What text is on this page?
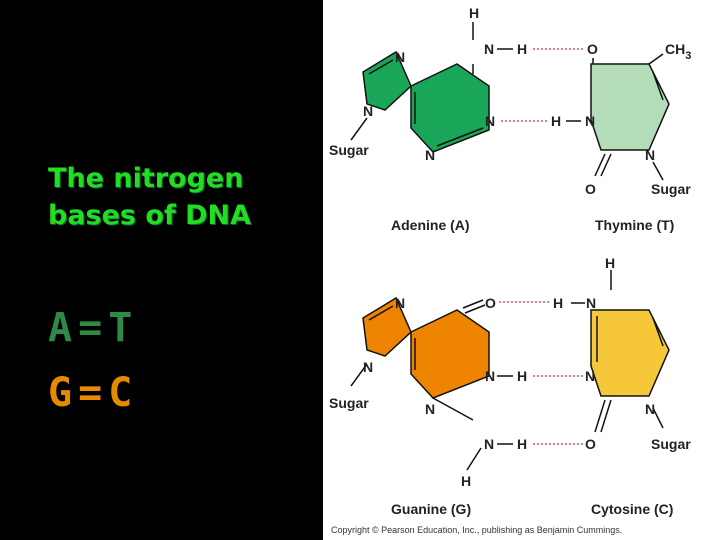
The nitrogen
bases of DNA
A=T
G=C
H
N H
N
N
N
N
Sugar
O	$CH_3$
H N
N
O	Sugar
Adenine (A)	Thymine (T)
N	O
N
N H
N
N H
H
Sugar
H
H N
N
N
O	Sugar
Guanine (G)	Cytosine (C)
Copyright © Pearson Education, Inc., publishing as Benjamin Cummings.
